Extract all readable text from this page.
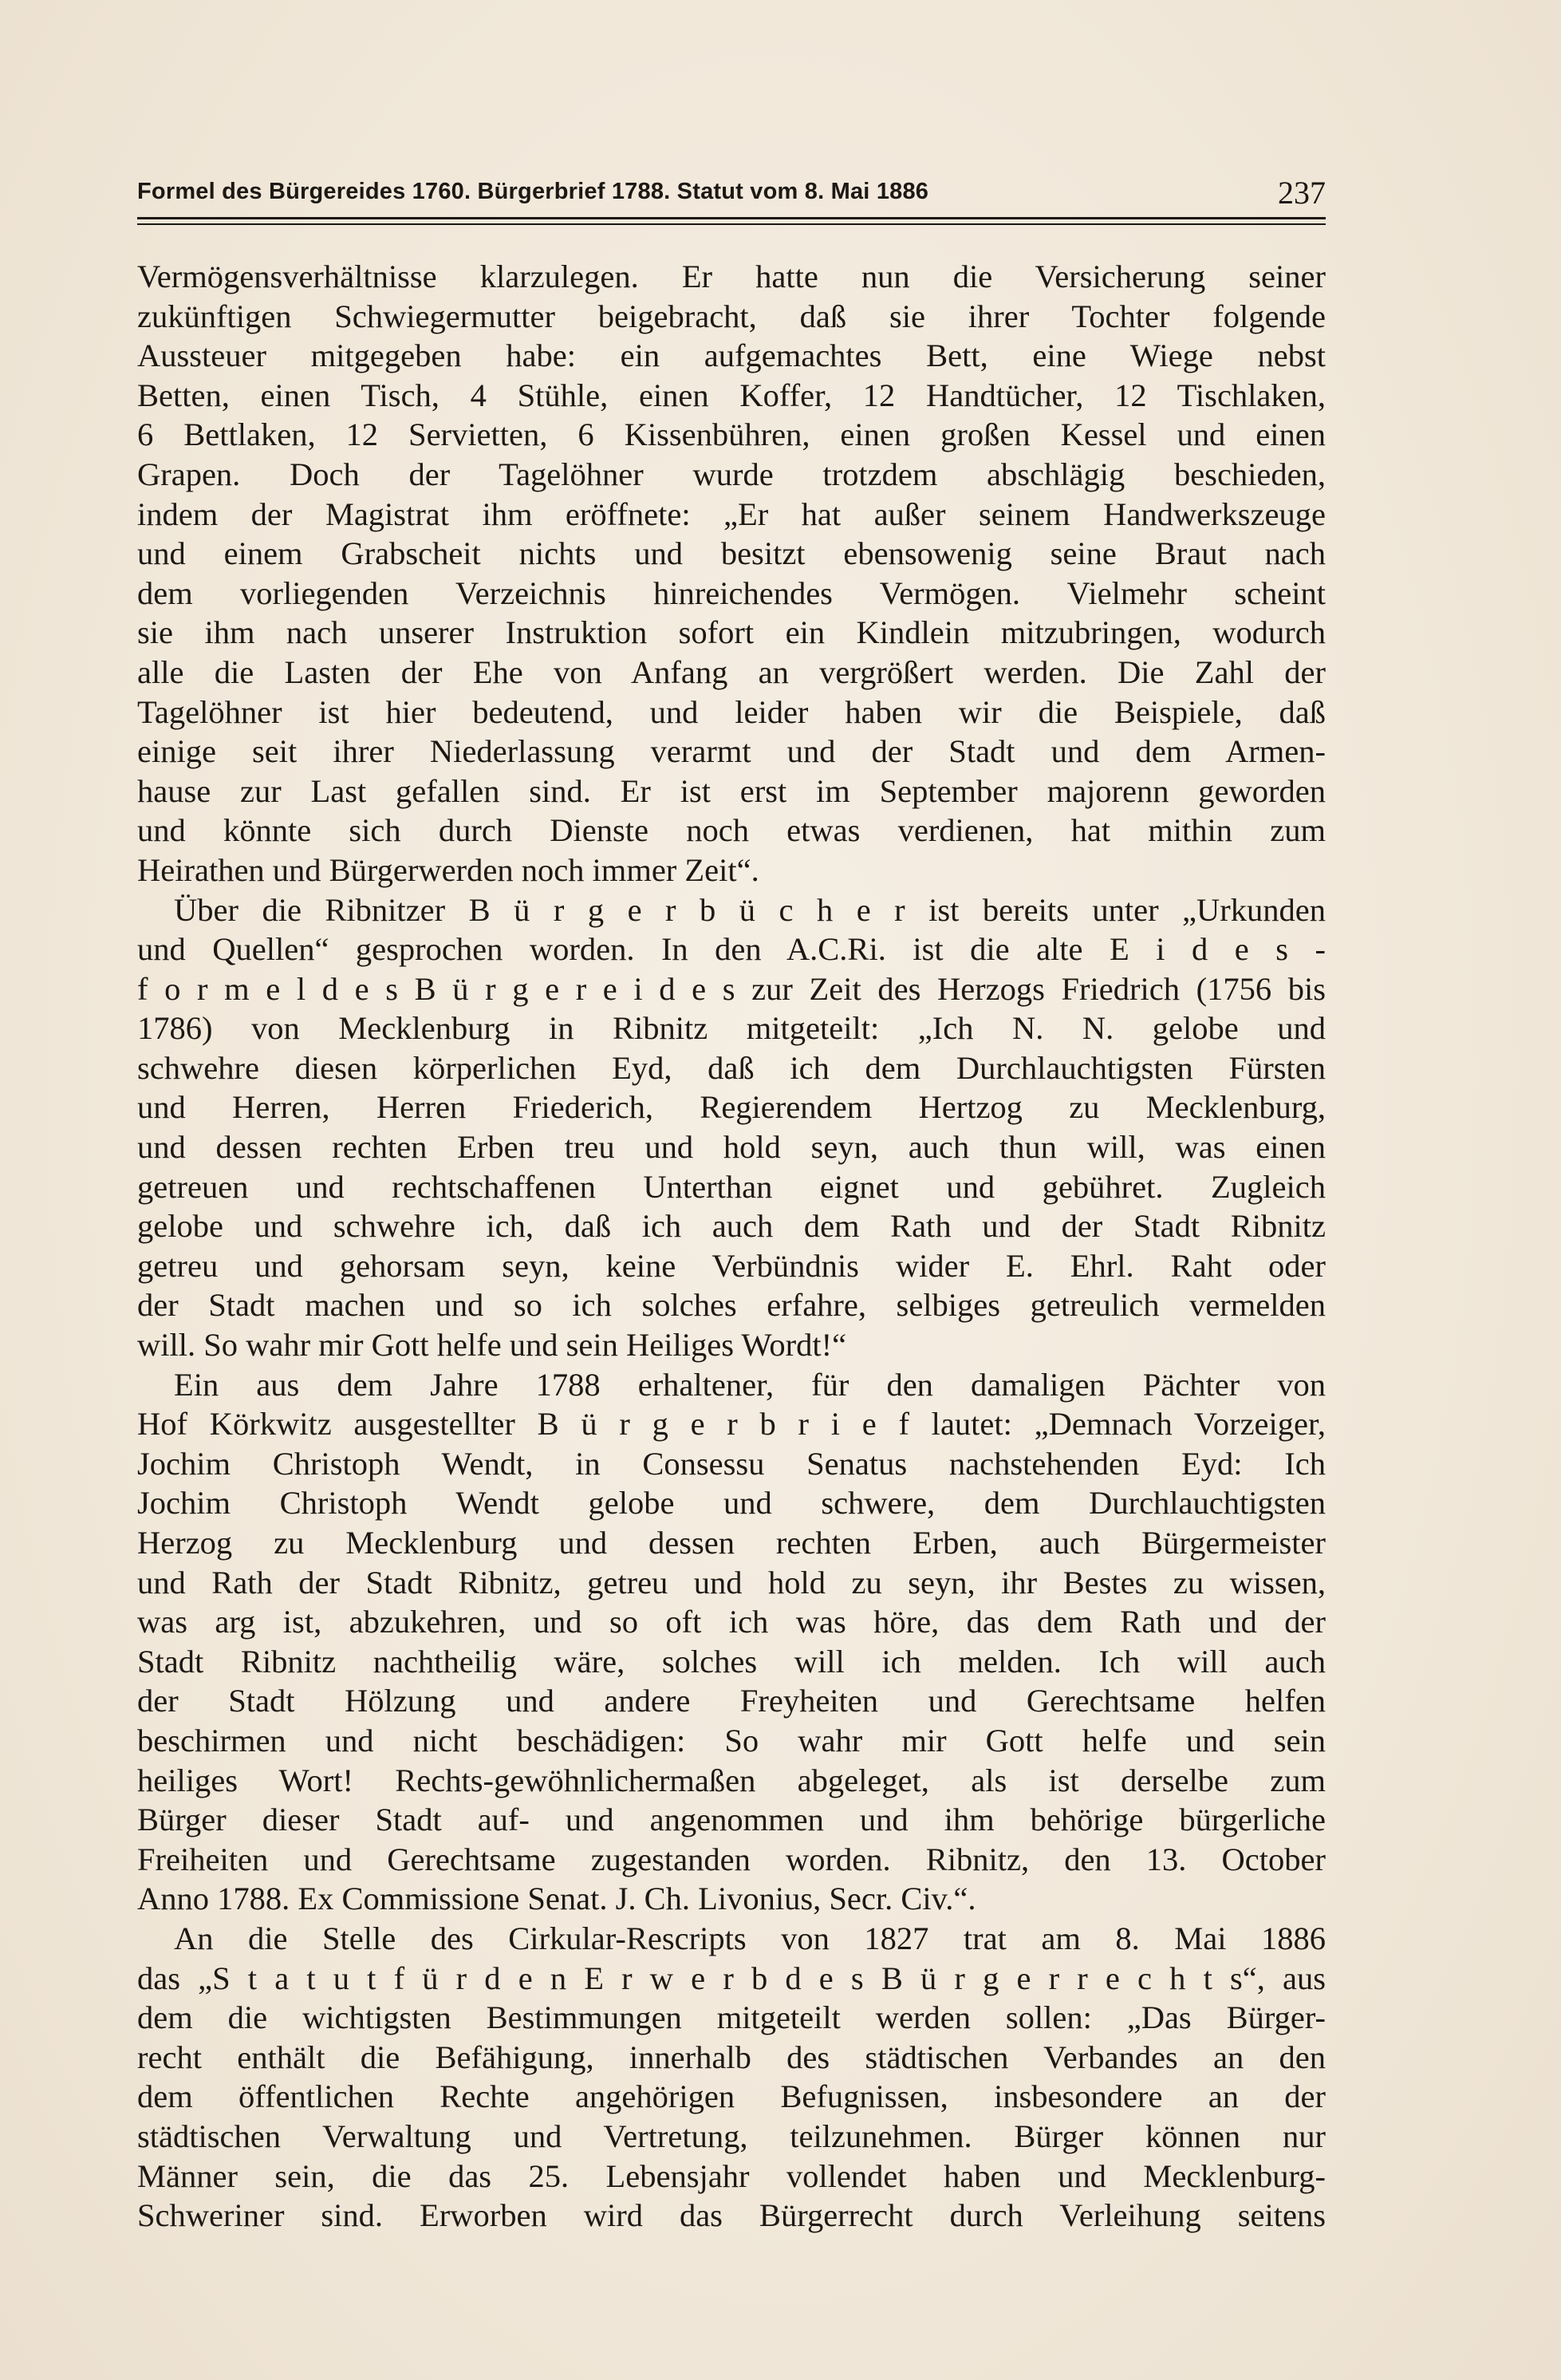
Formel des Bürgereides 1760. Bürgerbrief 1788. Statut vom 8. Mai 1886	237
Vermögensverhältnisse klarzulegen. Er hatte nun die Versicherung seiner
zukünftigen Schwiegermutter beigebracht, daß sie ihrer Tochter folgende
Aussteuer mitgegeben habe: ein aufgemachtes Bett, eine Wiege nebst
Betten, einen Tisch, 4 Stühle, einen Koffer, 12 Handtücher, 12 Tischlaken,
6 Bettlaken, 12 Servietten, 6 Kissenbühren, einen großen Kessel und einen
Grapen. Doch der Tagelöhner wurde trotzdem abschlägig beschieden,
indem der Magistrat ihm eröffnete: „Er hat außer seinem Handwerkszeuge
und einem Grabscheit nichts und besitzt ebensowenig seine Braut nach
dem vorliegenden Verzeichnis hinreichendes Vermögen. Vielmehr scheint
sie ihm nach unserer Instruktion sofort ein Kindlein mitzubringen, wodurch
alle die Lasten der Ehe von Anfang an vergrößert werden. Die Zahl der
Tagelöhner ist hier bedeutend, und leider haben wir die Beispiele, daß
einige seit ihrer Niederlassung verarmt und der Stadt und dem Armen-
hause zur Last gefallen sind. Er ist erst im September majorenn geworden
und könnte sich durch Dienste noch etwas verdienen, hat mithin zum
Heirathen und Bürgerwerden noch immer Zeit“.
Über die Ribnitzer B ü r g e r b ü c h e r ist bereits unter „Urkunden
und Quellen“ gesprochen worden. In den A.C.Ri. ist die alte E i d e s -
f o r m e l d e s B ü r g e r e i d e s zur Zeit des Herzogs Friedrich (1756 bis
1786) von Mecklenburg in Ribnitz mitgeteilt: „Ich N. N. gelobe und
schwehre diesen körperlichen Eyd, daß ich dem Durchlauchtigsten Fürsten
und Herren, Herren Friederich, Regierendem Hertzog zu Mecklenburg,
und dessen rechten Erben treu und hold seyn, auch thun will, was einen
getreuen und rechtschaffenen Unterthan eignet und gebühret. Zugleich
gelobe und schwehre ich, daß ich auch dem Rath und der Stadt Ribnitz
getreu und gehorsam seyn, keine Verbündnis wider E. Ehrl. Raht oder
der Stadt machen und so ich solches erfahre, selbiges getreulich vermelden
will. So wahr mir Gott helfe und sein Heiliges Wordt!“
Ein aus dem Jahre 1788 erhaltener, für den damaligen Pächter von
Hof Körkwitz ausgestellter B ü r g e r b r i e f lautet: „Demnach Vorzeiger,
Jochim Christoph Wendt, in Consessu Senatus nachstehenden Eyd: Ich
Jochim Christoph Wendt gelobe und schwere, dem Durchlauchtigsten
Herzog zu Mecklenburg und dessen rechten Erben, auch Bürgermeister
und Rath der Stadt Ribnitz, getreu und hold zu seyn, ihr Bestes zu wissen,
was arg ist, abzukehren, und so oft ich was höre, das dem Rath und der
Stadt Ribnitz nachtheilig wäre, solches will ich melden. Ich will auch
der Stadt Hölzung und andere Freyheiten und Gerechtsame helfen
beschirmen und nicht beschädigen: So wahr mir Gott helfe und sein
heiliges Wort! Rechts-gewöhnlichermaßen abgeleget, als ist derselbe zum
Bürger dieser Stadt auf- und angenommen und ihm behörige bürgerliche
Freiheiten und Gerechtsame zugestanden worden. Ribnitz, den 13. October
Anno 1788. Ex Commissione Senat. J. Ch. Livonius, Secr. Civ.“.
An die Stelle des Cirkular-Rescripts von 1827 trat am 8. Mai 1886
das „S t a t u t f ü r d e n E r w e r b d e s B ü r g e r r e c h t s“, aus
dem die wichtigsten Bestimmungen mitgeteilt werden sollen: „Das Bürger-
recht enthält die Befähigung, innerhalb des städtischen Verbandes an den
dem öffentlichen Rechte angehörigen Befugnissen, insbesondere an der
städtischen Verwaltung und Vertretung, teilzunehmen. Bürger können nur
Männer sein, die das 25. Lebensjahr vollendet haben und Mecklenburg-
Schweriner sind. Erworben wird das Bürgerrecht durch Verleihung seitens
